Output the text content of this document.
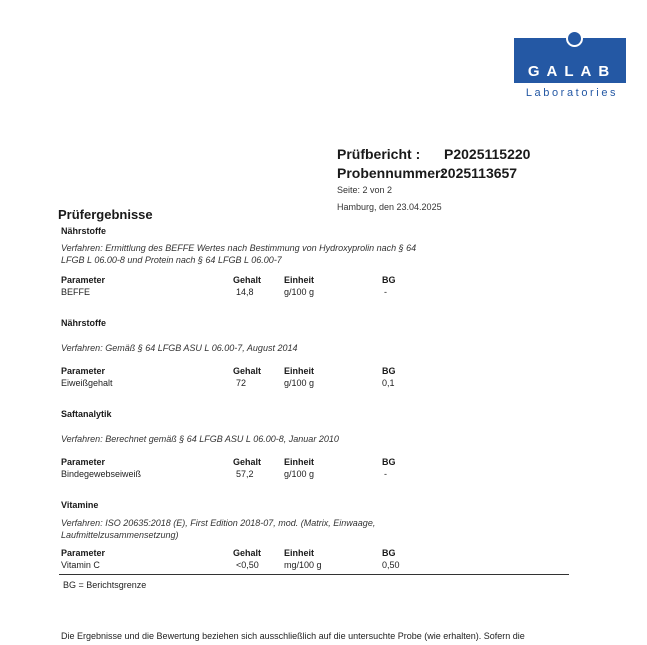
GALAB
Laboratories
Prüfbericht : P2025115220
Probennummer:
2025113657
Seite: 2 von 2
Hamburg, den 23.04.2025
Prüfergebnisse
Nährstoffe
Verfahren: Ermittlung des BEFFE Wertes nach Bestimmung von Hydroxyprolin nach § 64
LFGB L 06.00-8 und Protein nach § 64 LFGB L 06.00-7
Parameter	Gehalt	Einheit	BG
BEFFE	14,8	g/100 g	-
Nährstoffe
Verfahren: Gemäß § 64 LFGB ASU L 06.00-7, August 2014
Parameter	Gehalt	Einheit	BG
Eiweißgehalt	72	g/100 g	0,1
Saftanalytik
Verfahren: Berechnet gemäß § 64 LFGB ASU L 06.00-8, Januar 2010
Parameter	Gehalt	Einheit	BG
Bindegewebseiweiß	57,2	g/100 g	-
Vitamine
Verfahren: ISO 20635:2018 (E), First Edition 2018-07, mod. (Matrix, Einwaage,
Laufmittelzusammensetzung)
Parameter	Gehalt	Einheit	BG
Vitamin C	<0,50	mg/100 g	0,50
BG = Berichtsgrenze
Die Ergebnisse und die Bewertung beziehen sich ausschließlich auf die untersuchte Probe (wie erhalten). Sofern die
